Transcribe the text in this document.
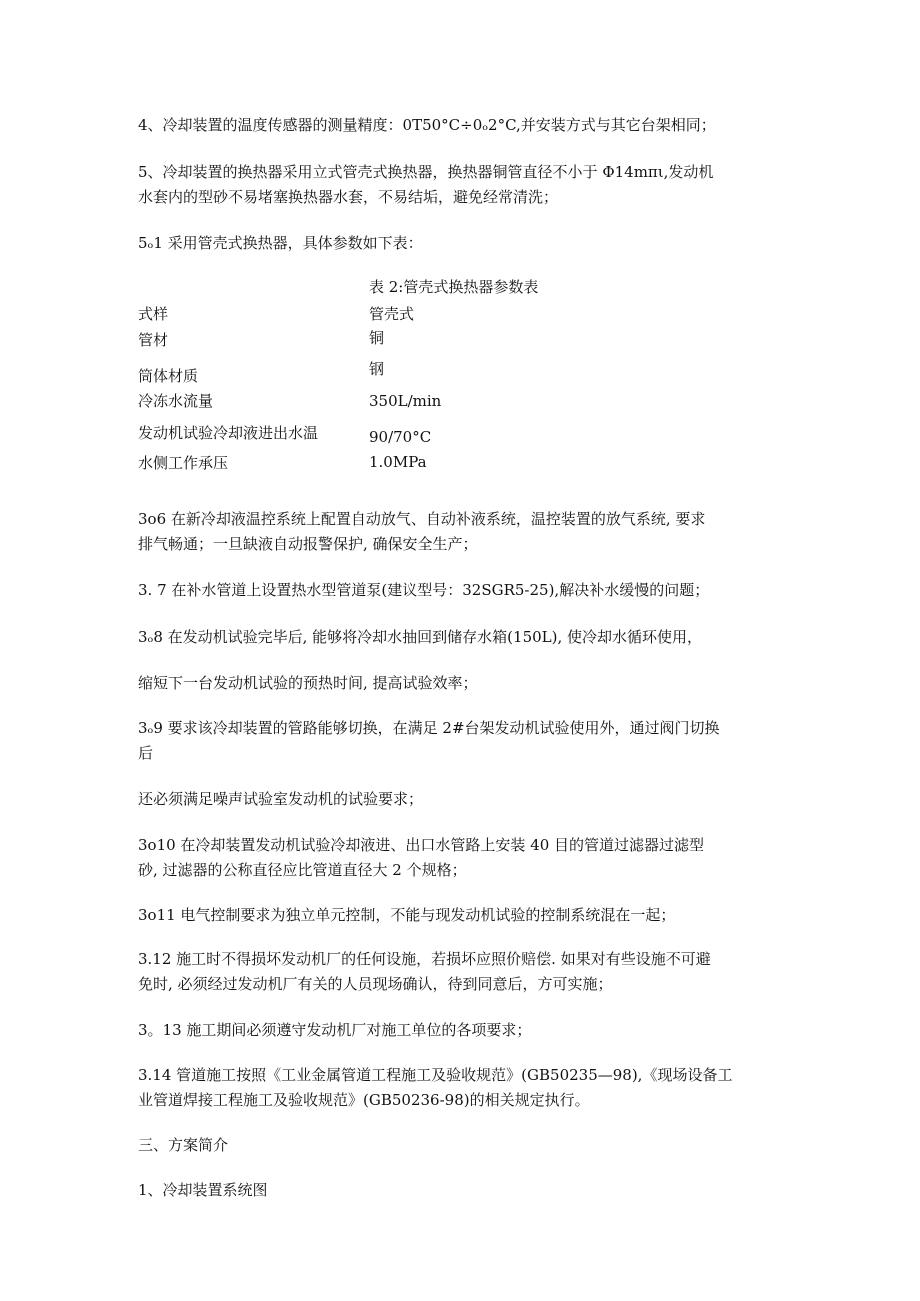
4、冷却装置的温度传感器的测量精度：0T50°C÷0ₒ2°C,并安装方式与其它台架相同；
5、冷却装置的换热器采用立式管壳式换热器，换热器铜管直径不小于 Φ14mπι,发动机
水套内的型砂不易堵塞换热器水套，不易结垢，避免经常清洗；
5ₒ1 采用管壳式换热器，具体参数如下表：
表 2:管壳式换热器参数表
式样	管壳式
管材	铜
筒体材质	钢
冷冻水流量	350L/min
发动机试验冷却液进出水温	90/70°C
水侧工作承压	1.0MPa
3o6 在新冷却液温控系统上配置自动放气、自动补液系统，温控装置的放气系统, 要求
排气畅通；一旦缺液自动报警保护, 确保安全生产；
3. 7 在补水管道上设置热水型管道泵(建议型号：32SGR5-25),解决补水缓慢的问题；
3ₒ8 在发动机试验完毕后, 能够将冷却水抽回到储存水箱(150L), 使冷却水循环使用，
缩短下一台发动机试验的预热时间, 提高试验效率；
3ₒ9 要求该冷却装置的管路能够切换，在满足 2#台架发动机试验使用外，通过阀门切换
后
还必须满足噪声试验室发动机的试验要求；
3o10 在冷却装置发动机试验冷却液进、出口水管路上安装 40 目的管道过滤器过滤型
砂, 过滤器的公称直径应比管道直径大 2 个规格；
3o11 电气控制要求为独立单元控制，不能与现发动机试验的控制系统混在一起；
3.12 施工时不得损坏发动机厂的任何设施，若损坏应照价赔偿. 如果对有些设施不可避
免时, 必须经过发动机厂有关的人员现场确认，待到同意后，方可实施；
3。13 施工期间必须遵守发动机厂对施工单位的各项要求；
3.14 管道施工按照《工业金属管道工程施工及验收规范》(GB50235—98),《现场设备工
业管道焊接工程施工及验收规范》(GB50236-98)的相关规定执行。
三、方案简介
1、冷却装置系统图
